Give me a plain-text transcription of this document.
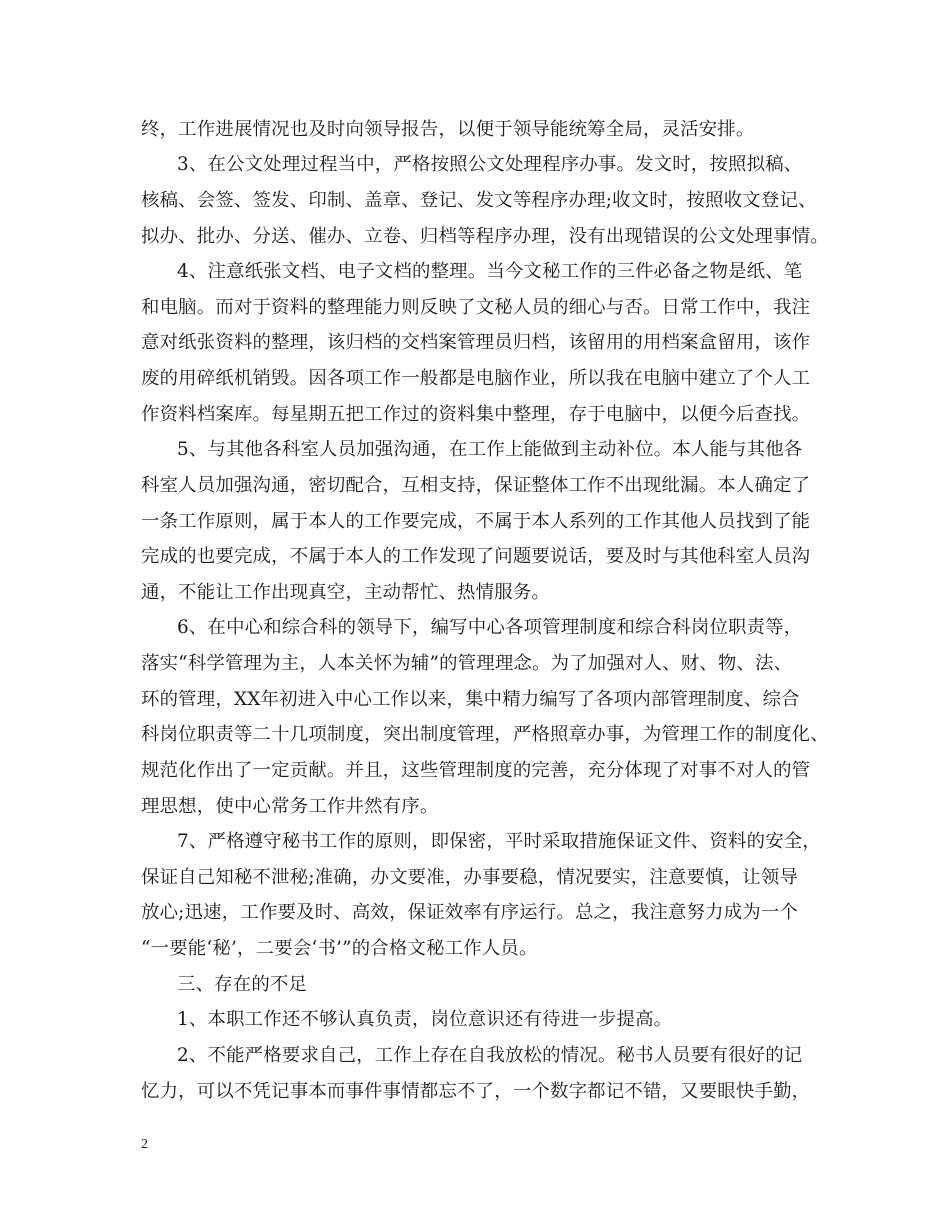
终，工作进展情况也及时向领导报告，以便于领导能统筹全局，灵活安排。
3、在公文处理过程当中，严格按照公文处理程序办事。发文时，按照拟稿、
核稿、会签、签发、印制、盖章、登记、发文等程序办理;收文时，按照收文登记、
拟办、批办、分送、催办、立卷、归档等程序办理，没有出现错误的公文处理事情。
4、注意纸张文档、电子文档的整理。当今文秘工作的三件必备之物是纸、笔
和电脑。而对于资料的整理能力则反映了文秘人员的细心与否。日常工作中，我注
意对纸张资料的整理，该归档的交档案管理员归档，该留用的用档案盒留用，该作
废的用碎纸机销毁。因各项工作一般都是电脑作业，所以我在电脑中建立了个人工
作资料档案库。每星期五把工作过的资料集中整理，存于电脑中，以便今后查找。
5、与其他各科室人员加强沟通，在工作上能做到主动补位。本人能与其他各
科室人员加强沟通，密切配合，互相支持，保证整体工作不出现纰漏。本人确定了
一条工作原则，属于本人的工作要完成，不属于本人系列的工作其他人员找到了能
完成的也要完成，不属于本人的工作发现了问题要说话，要及时与其他科室人员沟
通，不能让工作出现真空，主动帮忙、热情服务。
6、在中心和综合科的领导下，编写中心各项管理制度和综合科岗位职责等，
落实“科学管理为主，人本关怀为辅”的管理理念。为了加强对人、财、物、法、
环的管理，XX年初进入中心工作以来，集中精力编写了各项内部管理制度、综合
科岗位职责等二十几项制度，突出制度管理，严格照章办事，为管理工作的制度化、
规范化作出了一定贡献。并且，这些管理制度的完善，充分体现了对事不对人的管
理思想，使中心常务工作井然有序。
7、严格遵守秘书工作的原则，即保密，平时采取措施保证文件、资料的安全，
保证自己知秘不泄秘;准确，办文要准，办事要稳，情况要实，注意要慎，让领导
放心;迅速，工作要及时、高效，保证效率有序运行。总之，我注意努力成为一个
“一要能‘秘’，二要会‘书’”的合格文秘工作人员。
三、存在的不足
1、本职工作还不够认真负责，岗位意识还有待进一步提高。
2、不能严格要求自己，工作上存在自我放松的情况。秘书人员要有很好的记
忆力，可以不凭记事本而事件事情都忘不了，一个数字都记不错，又要眼快手勤，
2
